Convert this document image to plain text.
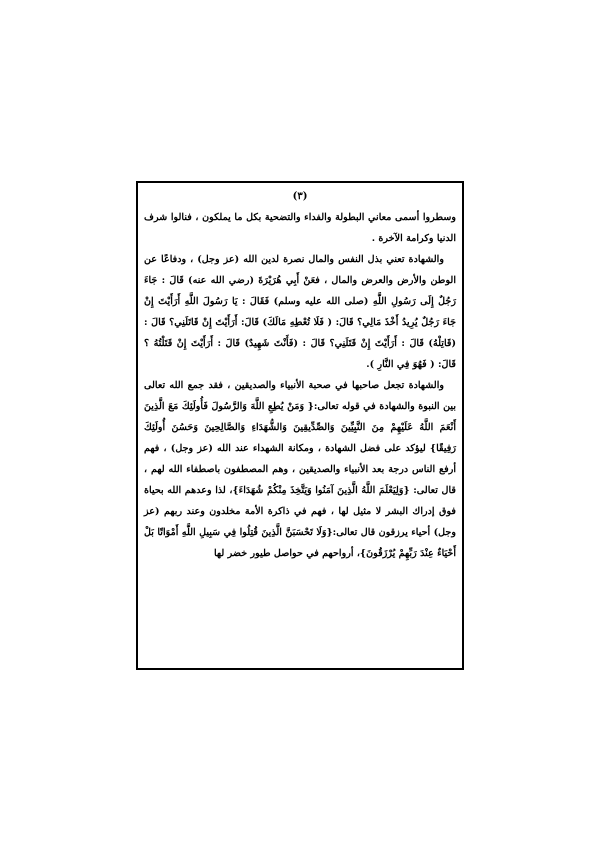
(٣)

وسطروا أسمى معاني البطولة والفداء والتضحية بكل ما يملكون ، فنالوا شرف الدنيا وكرامة الآخرة .

والشهادة تعني بذل النفس والمال نصرة لدين الله (عز وجل) ، ودفاعًا عن الوطن والأرض والعرض والمال ، فعَنْ أَبِي هُرَيْرَةَ (رضي الله عنه) قَالَ : جَاءَ رَجُلٌ إِلَى رَسُولِ اللَّهِ (صلى الله عليه وسلم) فَقَالَ : يَا رَسُولَ اللَّهِ أَرَأَيْتَ إِنْ جَاءَ رَجُلٌ يُرِيدُ أَخْذَ مَالِي؟ قَالَ: ( فَلَا تُعْطِهِ مَالَكَ) قَالَ: أَرَأَيْتَ إِنْ قَاتَلَنِي؟ قَالَ : (قَاتِلْهُ) قَالَ : أَرَأَيْتَ إِنْ قَتَلَنِي؟ قَالَ : (فَأَنْتَ شَهِيدٌ) قَالَ : أَرَأَيْتَ إِنْ قَتَلْتُهُ ؟ قَالَ: ( فَهُوَ فِي النَّارِ ).

والشهادة تجعل صاحبها في صحبة الأنبياء والصديقين ، فقد جمع الله تعالى بين النبوة والشهادة في قوله تعالى:{ وَمَنْ يُطِعِ اللَّهَ وَالرَّسُولَ فَأُولَئِكَ مَعَ الَّذِينَ أَنْعَمَ اللَّهُ عَلَيْهِمْ مِنَ النَّبِيِّينَ وَالصِّدِّيقِينَ وَالشُّهَدَاءِ وَالصَّالِحِينَ وَحَسُنَ أُولَئِكَ رَفِيقًا} ليؤكد على فضل الشهادة ، ومكانة الشهداء عند الله (عز وجل) ، فهم أرفع الناس درجة بعد الأنبياء والصديقين ، وهم المصطفون باصطفاء الله لهم ، قال تعالى: {وَلِيَعْلَمَ اللَّهُ الَّذِينَ آمَنُوا وَيَتَّخِذَ مِنْكُمْ شُهَدَاءَ}، لذا وعدهم الله بحياة فوق إدراك البشر لا مثيل لها ، فهم في ذاكرة الأمة مخلدون وعند ربهم (عز وجل) أحياء يرزقون قال تعالى:{وَلَا تَحْسَبَنَّ الَّذِينَ قُتِلُوا فِي سَبِيلِ اللَّهِ أَمْوَاتًا بَلْ أَحْيَاءٌ عِنْدَ رَبِّهِمْ يُرْزَقُونَ}، أرواحهم في حواصل طيور خضر لها
